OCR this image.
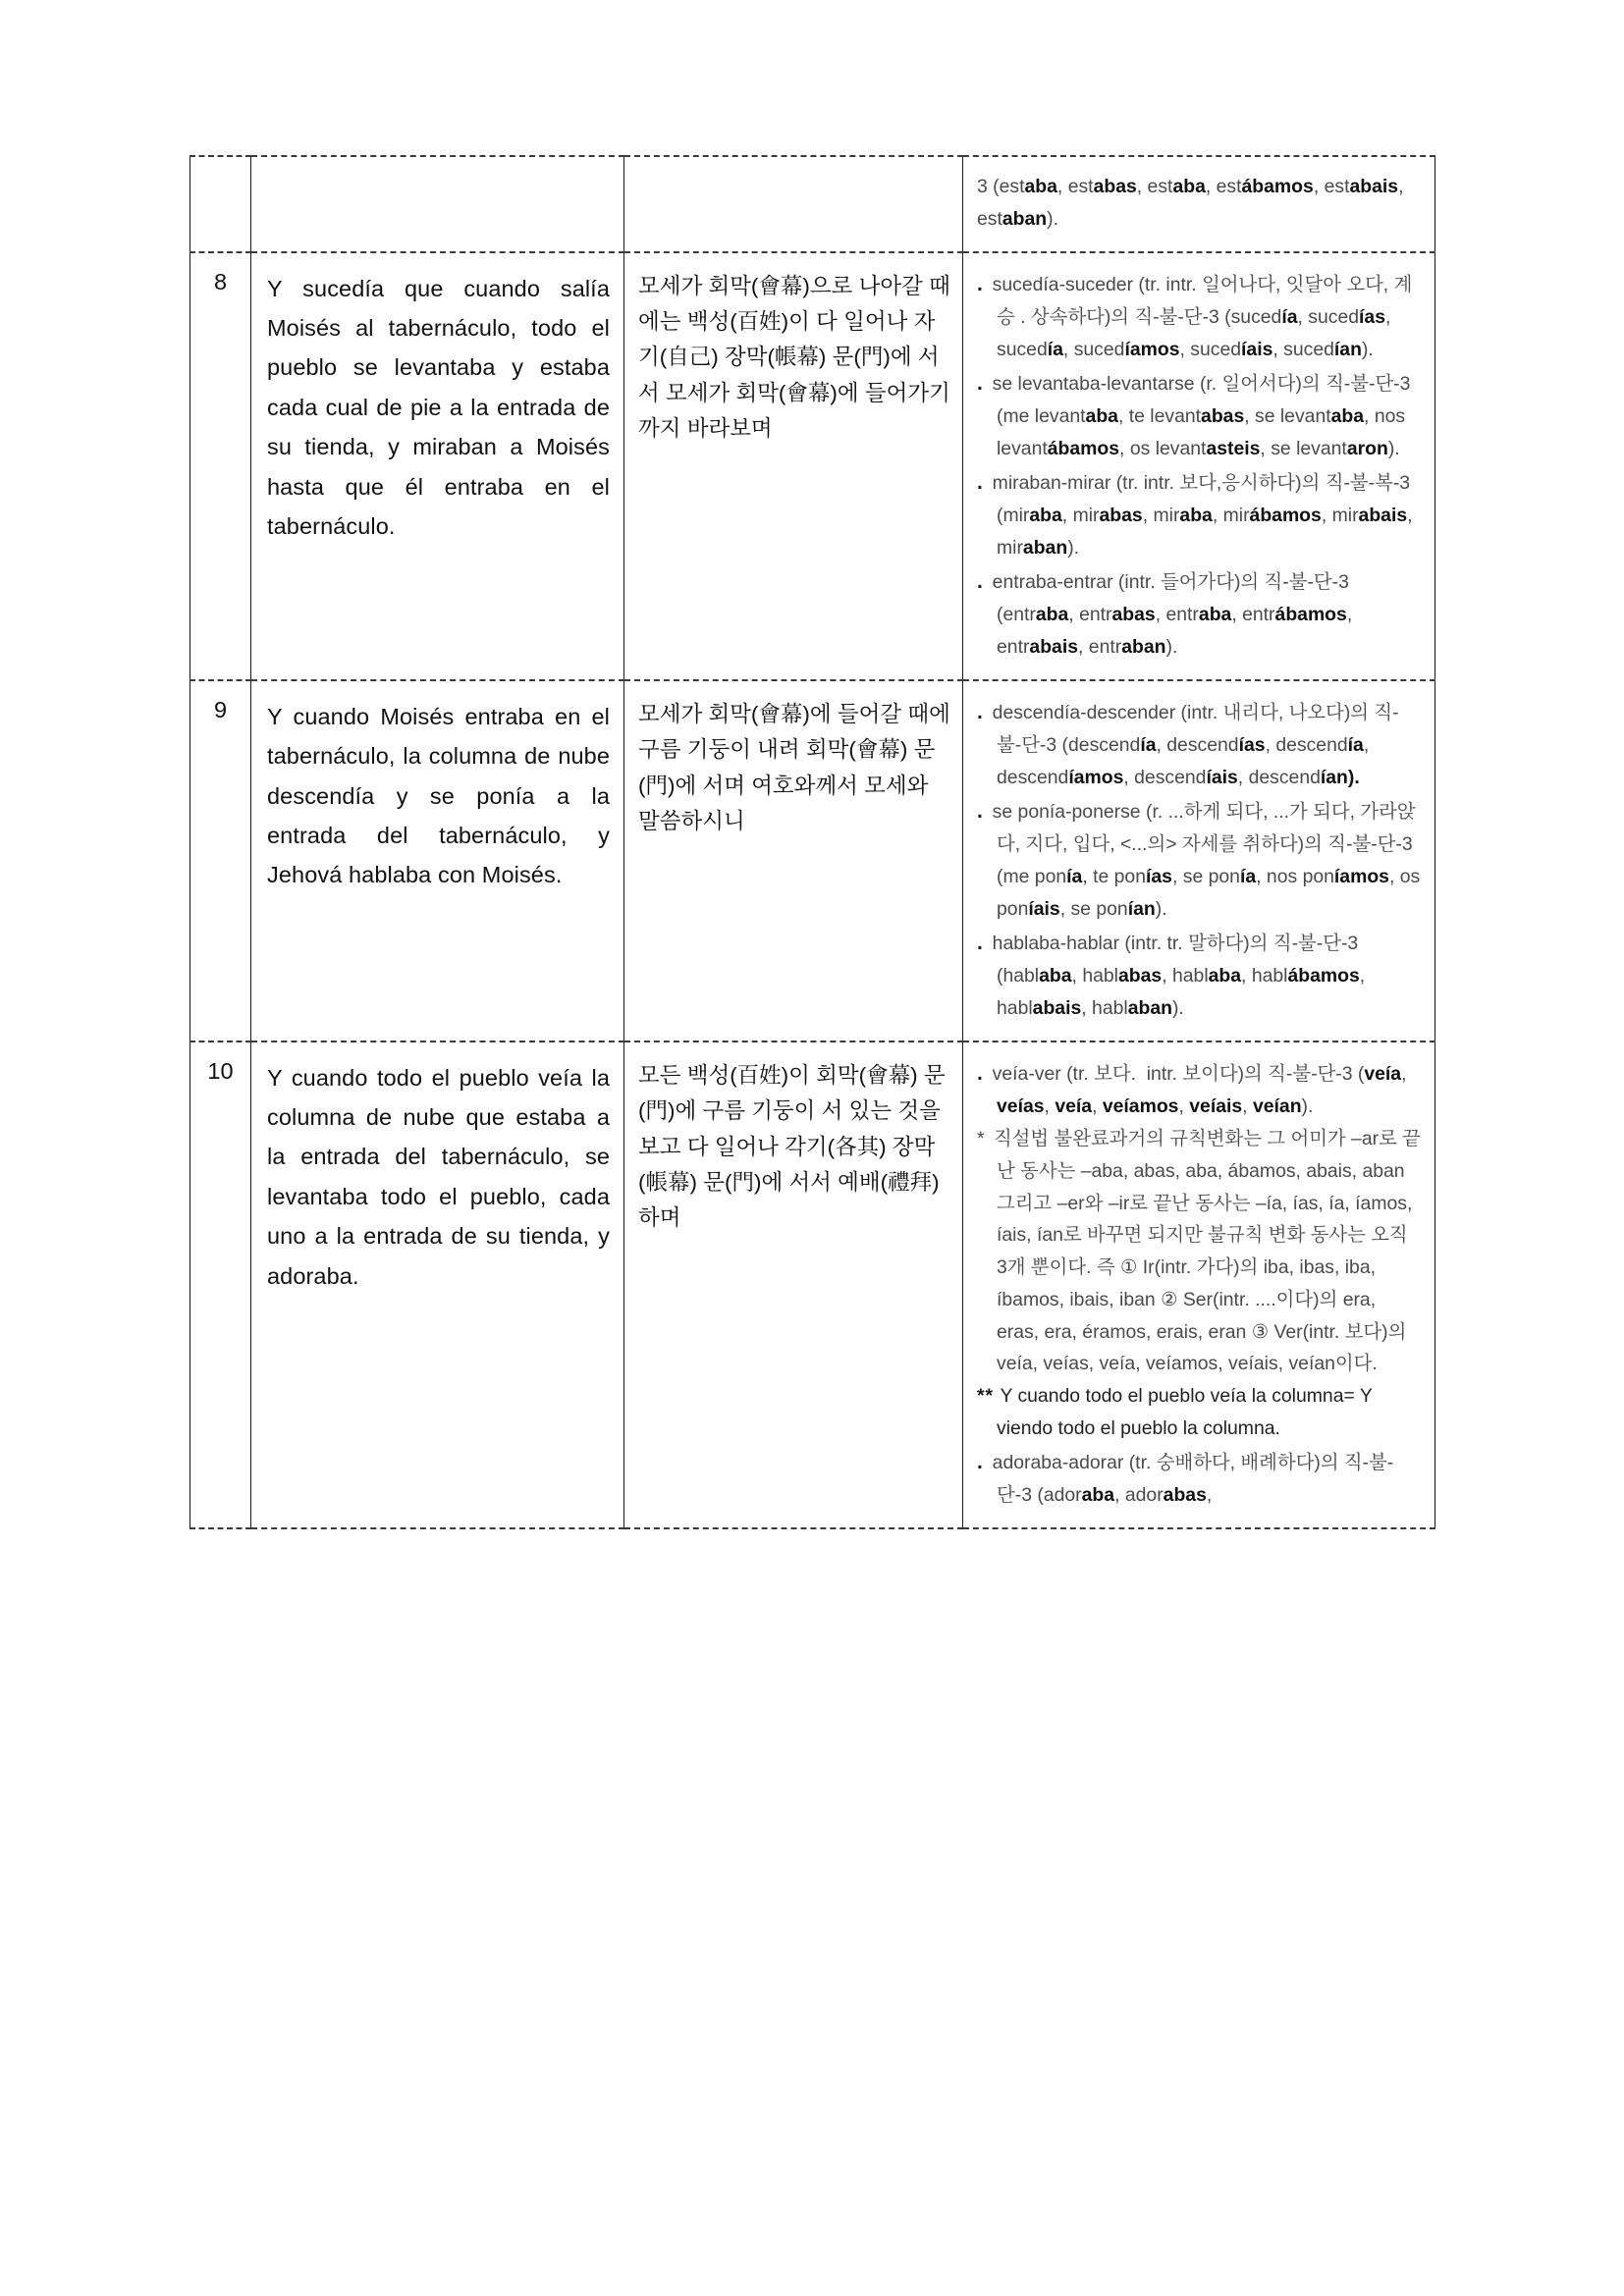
			3 (estaba, estabas, estaba, estábamos, estabais, estaban).

8	Y sucedía que cuando salía Moisés al tabernáculo, todo el pueblo se levantaba y estaba cada cual de pie a la entrada de su tienda, y miraban a Moisés hasta que él entraba en el tabernáculo.	모세가 회막(會幕)으로 나아갈 때에는 백성(百姓)이 다 일어나 자기(自己) 장막(帳幕) 문(門)에 서서 모세가 회막(會幕)에 들어가기까지 바라보며	. sucedía-suceder (tr. intr. 일어나다, 잇달아 오다, 계승 . 상속하다)의 직-불-단-3 (sucedía, sucedías, sucedía, sucedíamos, sucedíais, sucedían).
. se levantaba-levantarse (r. 일어서다)의 직-불-단-3 (me levantaba, te levantabas, se levantaba, nos levantábamos, os levantasteis, se levantaron).
. miraban-mirar (tr. intr. 보다,응시하다)의 직-불-복-3 (miraba, mirabas, miraba, mirábamos, mirabais, miraban).
. entraba-entrar (intr. 들어가다)의 직-불-단-3 (entraba, entrabas, entraba, entrábamos, entrabais, entraban).

9	Y cuando Moisés entraba en el tabernáculo, la columna de nube descendía y se ponía a la entrada del tabernáculo, y Jehová hablaba con Moisés.	모세가 회막(會幕)에 들어갈 때에 구름 기둥이 내려 회막(會幕) 문(門)에 서며 여호와께서 모세와 말씀하시니	. descendía-descender (intr. 내리다, 나오다)의 직-불-단-3 (descendía, descendías, descendía, descendíamos, descendíais, descendían).
. se ponía-ponerse (r. ...하게 되다, ...가 되다, 가라앉다, 지다, 입다, <...의> 자세를 취하다)의 직-불-단-3 (me ponía, te ponías, se ponía, nos poníamos, os poníais, se ponían).
. hablaba-hablar (intr. tr. 말하다)의 직-불-단-3 (hablaba, hablabas, hablaba, hablábamos, hablabais, hablaban).

10	Y cuando todo el pueblo veía la columna de nube que estaba a la entrada del tabernáculo, se levantaba todo el pueblo, cada uno a la entrada de su tienda, y adoraba.	모든 백성(百姓)이 회막(會幕) 문(門)에 구름 기둥이 서 있는 것을 보고 다 일어나 각기(各其) 장막(帳幕) 문(門)에 서서 예배(禮拜)하며	. veía-ver (tr. 보다.  intr. 보이다)의 직-불-단-3 (veía, veías, veía, veíamos, veíais, veían).
* 직설법 불완료과거의 규칙변화는 그 어미가 –ar로 끝난 동사는 –aba, abas, aba, ábamos, abais, aban 그리고 –er와 –ir로 끝난 동사는 –ía, ías, ía, íamos, íais, ían로 바꾸면 되지만 불규칙 변화 동사는 오직 3개 뿐이다. 즉 ① Ir(intr. 가다)의 iba, ibas, iba, íbamos, ibais, iban ② Ser(intr. ....이다)의 era, eras, era, éramos, erais, eran ③ Ver(intr. 보다)의 veía, veías, veía, veíamos, veíais, veían이다.
** Y cuando todo el pueblo veía la columna= Y viendo todo el pueblo la columna.
. adoraba-adorar (tr. 숭배하다, 배례하다)의 직-불-단-3 (adoraba, adorabas,
